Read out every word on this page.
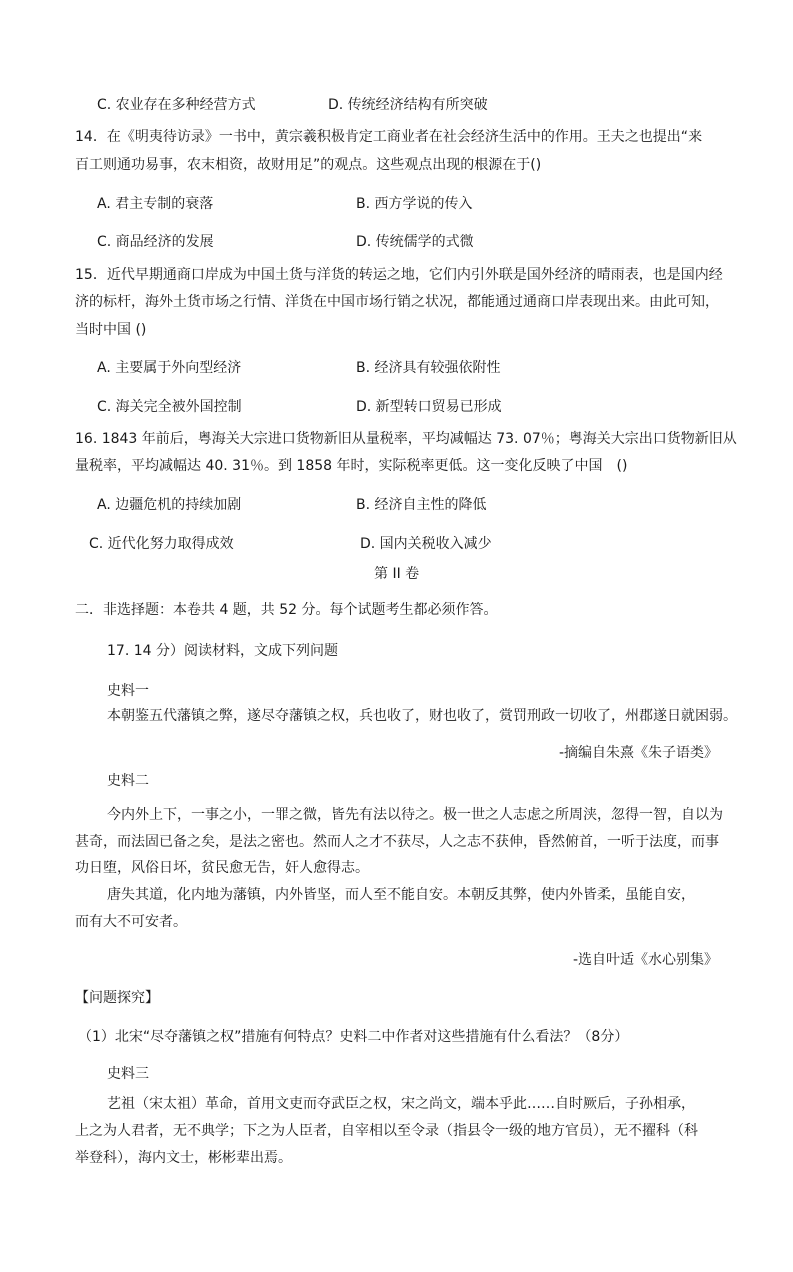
C. 农业存在多种经营方式	D. 传统经济结构有所突破
14．在《明夷待访录》一书中，黄宗羲积极肯定工商业者在社会经济生活中的作用。王夫之也提出“来
百工则通功易事，农末相资，故财用足”的观点。这些观点出现的根源在于()
A. 君主专制的衰落	B. 西方学说的传入
C. 商品经济的发展	D. 传统儒学的式微
15．近代早期通商口岸成为中国土货与洋货的转运之地，它们内引外联是国外经济的晴雨表，也是国内经
济的标杆，海外土货市场之行情、洋货在中国市场行销之状况，都能通过通商口岸表现出来。由此可知，
当时中国 ()
A. 主要属于外向型经济	B. 经济具有较强依附性
C. 海关完全被外国控制	D. 新型转口贸易已形成
16. 1843 年前后，粤海关大宗进口货物新旧从量税率，平均减幅达 73. 07％；粤海关大宗出口货物新旧从
量税率，平均减幅达 40. 31％。到 1858 年时，实际税率更低。这一变化反映了中国　()
A. 边疆危机的持续加剧	B. 经济自主性的降低
C. 近代化努力取得成效	D. 国内关税收入减少
第 II 卷
二．非选择题：本卷共 4 题，共 52 分。每个试题考生都必须作答。
17. 14 分）阅读材料，文成下列问题
史料一
本朝鉴五代藩镇之弊，遂尽夺藩镇之权，兵也收了，财也收了，赏罚刑政一切收了，州郡遂日就困弱。
-摘编自朱熹《朱子语类》
史料二
今内外上下，一事之小，一罪之微，皆先有法以待之。极一世之人志虑之所周浃，忽得一智，自以为
甚奇，而法固已备之矣，是法之密也。然而人之才不获尽，人之志不获伸，昏然俯首，一听于法度，而事
功日堕，风俗日坏，贫民愈无告，奸人愈得志。
唐失其道，化内地为藩镇，内外皆坚，而人至不能自安。本朝反其弊，使内外皆柔，虽能自安，
而有大不可安者。
-选自叶适《水心别集》
【问题探究】
（1）北宋“尽夺藩镇之权”措施有何特点？史料二中作者对这些措施有什么看法？（8分）
史料三
艺祖（宋太祖）革命，首用文吏而夺武臣之权，宋之尚文，端本乎此……自时厥后，子孙相承，
上之为人君者，无不典学；下之为人臣者，自宰相以至令录（指县令一级的地方官员），无不擢科（科
举登科），海内文士，彬彬辈出焉。
